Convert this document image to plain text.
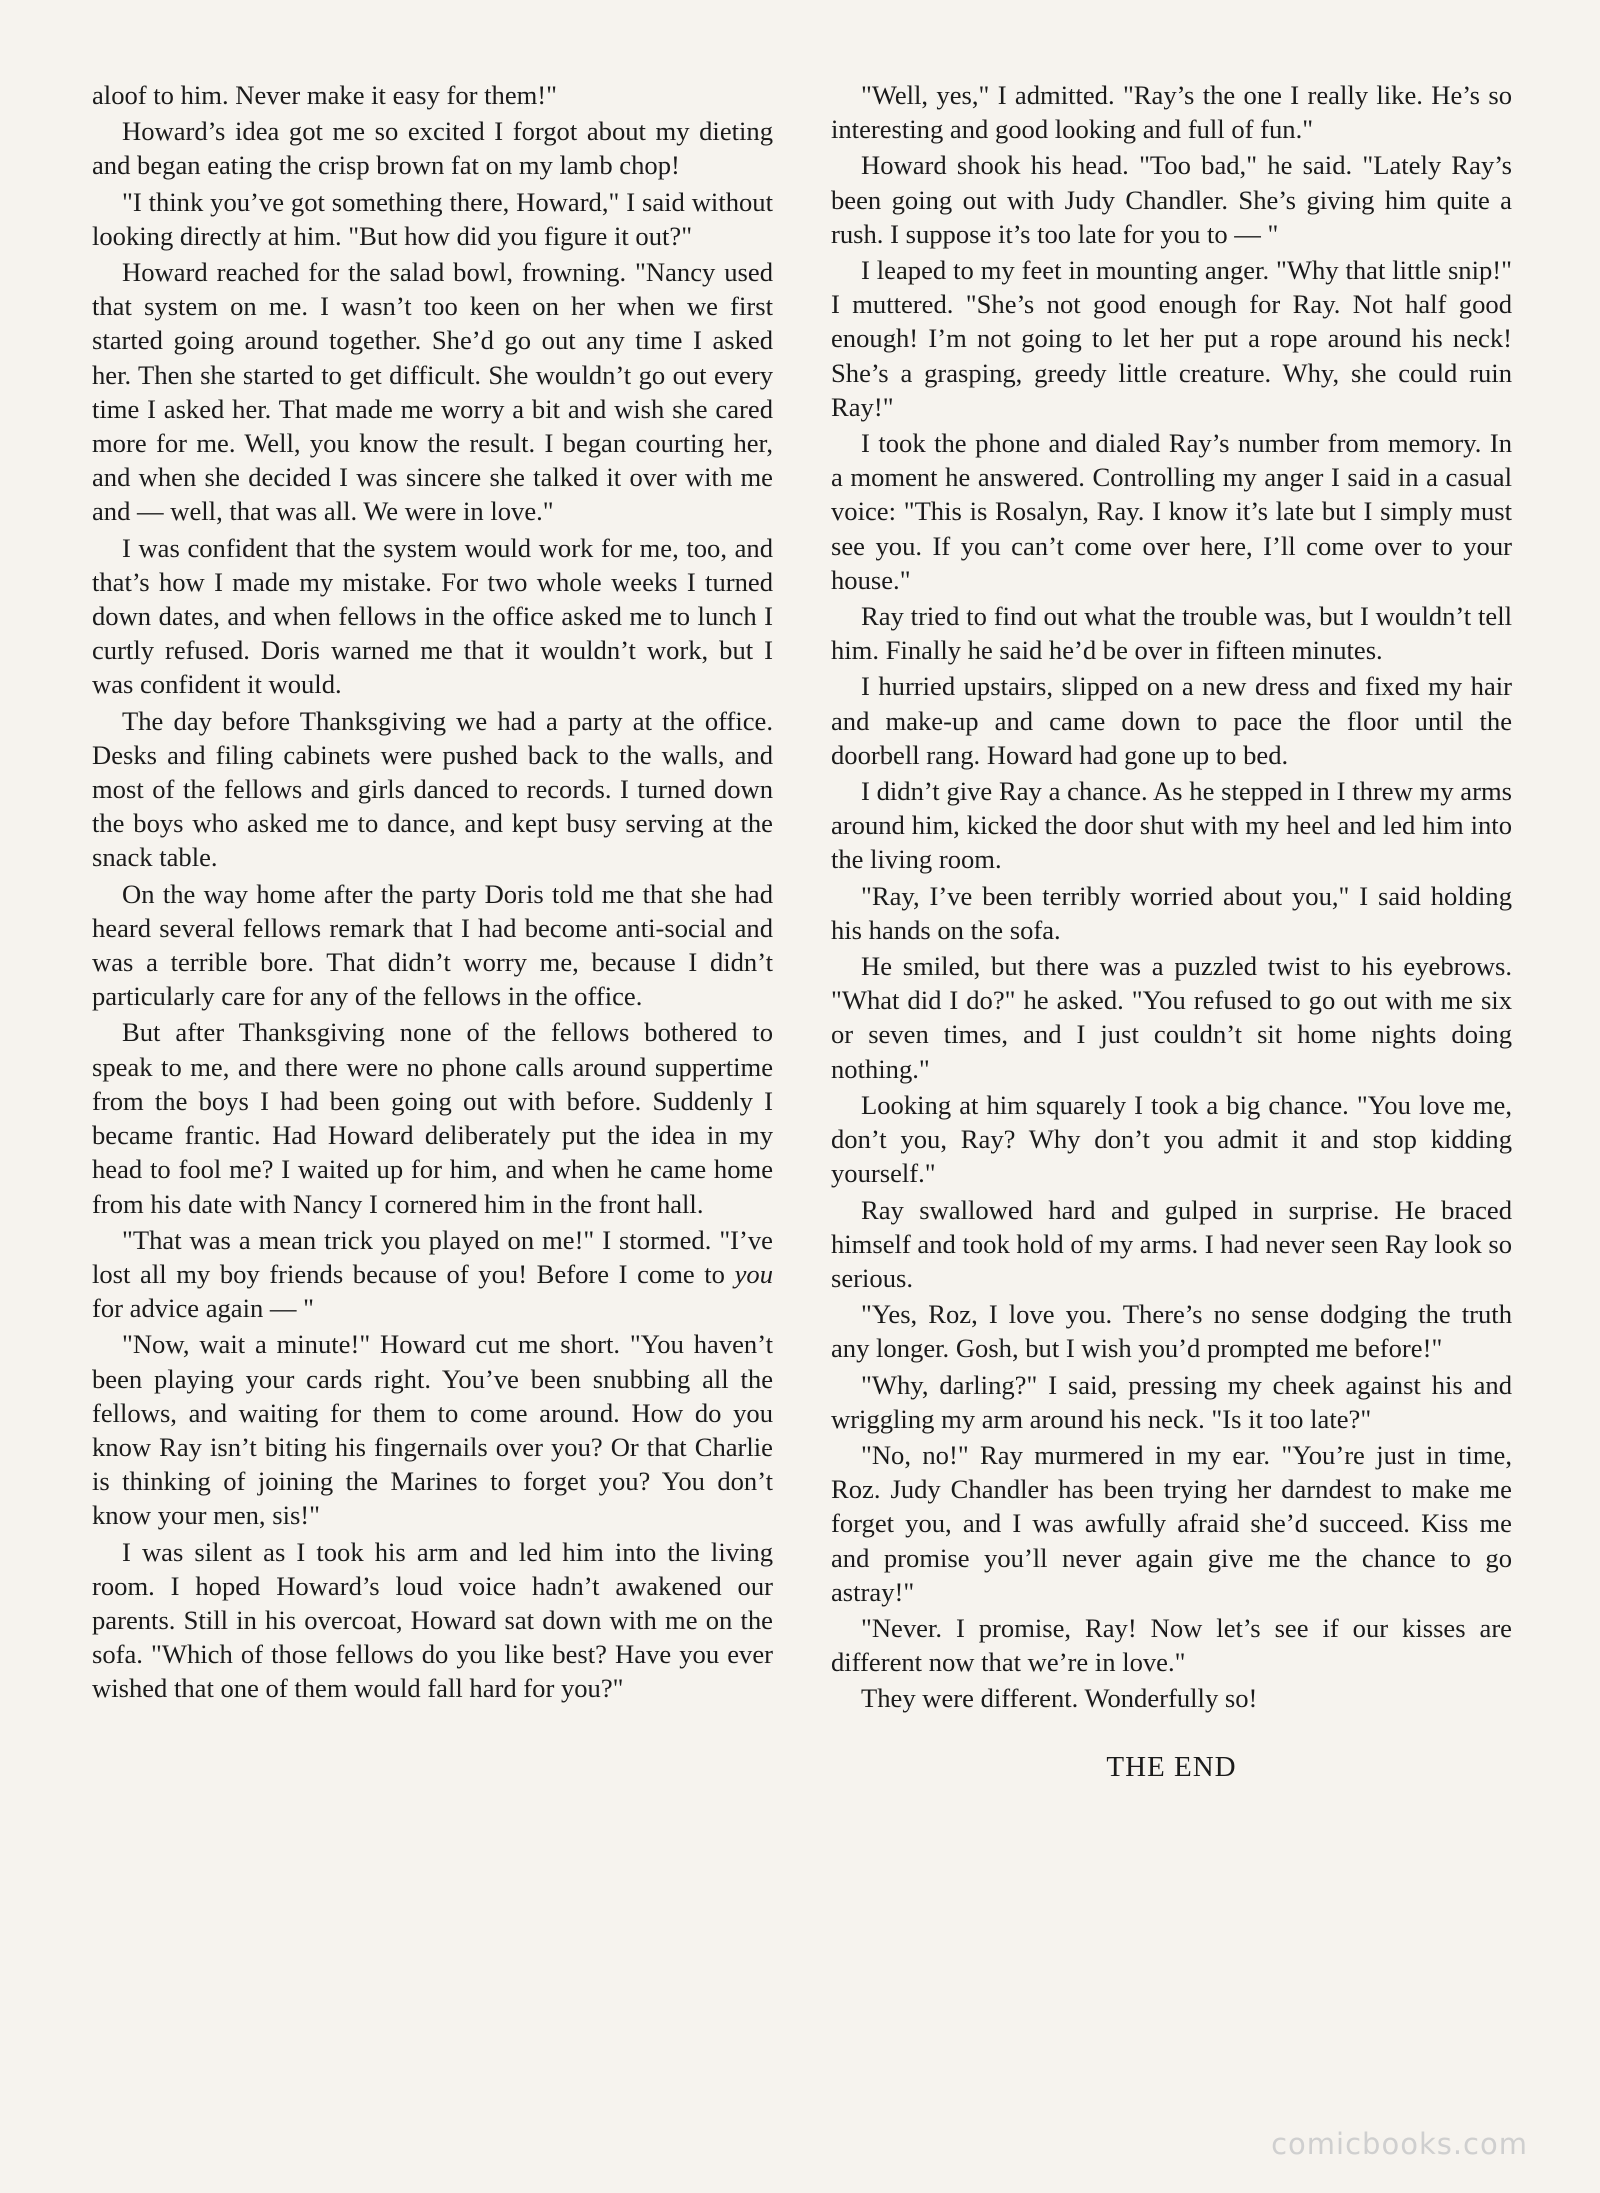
aloof to him. Never make it easy for them!"

Howard’s idea got me so excited I forgot about my dieting and began eating the crisp brown fat on my lamb chop!

"I think you’ve got something there, Howard," I said without looking directly at him. "But how did you figure it out?"

Howard reached for the salad bowl, frowning. "Nancy used that system on me. I wasn’t too keen on her when we first started going around together. She’d go out any time I asked her. Then she started to get difficult. She wouldn’t go out every time I asked her. That made me worry a bit and wish she cared more for me. Well, you know the result. I began courting her, and when she decided I was sincere she talked it over with me and — well, that was all. We were in love."

I was confident that the system would work for me, too, and that’s how I made my mistake. For two whole weeks I turned down dates, and when fellows in the office asked me to lunch I curtly refused. Doris warned me that it wouldn’t work, but I was confident it would.

The day before Thanksgiving we had a party at the office. Desks and filing cabinets were pushed back to the walls, and most of the fellows and girls danced to records. I turned down the boys who asked me to dance, and kept busy serving at the snack table.

On the way home after the party Doris told me that she had heard several fellows remark that I had become anti-social and was a terrible bore. That didn’t worry me, because I didn’t particularly care for any of the fellows in the office.

But after Thanksgiving none of the fellows bothered to speak to me, and there were no phone calls around suppertime from the boys I had been going out with before. Suddenly I became frantic. Had Howard deliberately put the idea in my head to fool me? I waited up for him, and when he came home from his date with Nancy I cornered him in the front hall.

"That was a mean trick you played on me!" I stormed. "I’ve lost all my boy friends because of you! Before I come to you for advice again — "

"Now, wait a minute!" Howard cut me short. "You haven’t been playing your cards right. You’ve been snubbing all the fellows, and waiting for them to come around. How do you know Ray isn’t biting his fingernails over you? Or that Charlie is thinking of joining the Marines to forget you? You don’t know your men, sis!"

I was silent as I took his arm and led him into the living room. I hoped Howard’s loud voice hadn’t awakened our parents. Still in his overcoat, Howard sat down with me on the sofa. "Which of those fellows do you like best? Have you ever wished that one of them would fall hard for you?"

"Well, yes," I admitted. "Ray’s the one I really like. He’s so interesting and good looking and full of fun."

Howard shook his head. "Too bad," he said. "Lately Ray’s been going out with Judy Chandler. She’s giving him quite a rush. I suppose it’s too late for you to — "

I leaped to my feet in mounting anger. "Why that little snip!" I muttered. "She’s not good enough for Ray. Not half good enough! I’m not going to let her put a rope around his neck! She’s a grasping, greedy little creature. Why, she could ruin Ray!"

I took the phone and dialed Ray’s number from memory. In a moment he answered. Controlling my anger I said in a casual voice: "This is Rosalyn, Ray. I know it’s late but I simply must see you. If you can’t come over here, I’ll come over to your house."

Ray tried to find out what the trouble was, but I wouldn’t tell him. Finally he said he’d be over in fifteen minutes.

I hurried upstairs, slipped on a new dress and fixed my hair and make-up and came down to pace the floor until the doorbell rang. Howard had gone up to bed.

I didn’t give Ray a chance. As he stepped in I threw my arms around him, kicked the door shut with my heel and led him into the living room.

"Ray, I’ve been terribly worried about you," I said holding his hands on the sofa.

He smiled, but there was a puzzled twist to his eyebrows. "What did I do?" he asked. "You refused to go out with me six or seven times, and I just couldn’t sit home nights doing nothing."

Looking at him squarely I took a big chance. "You love me, don’t you, Ray? Why don’t you admit it and stop kidding yourself."

Ray swallowed hard and gulped in surprise. He braced himself and took hold of my arms. I had never seen Ray look so serious.

"Yes, Roz, I love you. There’s no sense dodging the truth any longer. Gosh, but I wish you’d prompted me before!"

"Why, darling?" I said, pressing my cheek against his and wriggling my arm around his neck. "Is it too late?"

"No, no!" Ray murmered in my ear. "You’re just in time, Roz. Judy Chandler has been trying her darndest to make me forget you, and I was awfully afraid she’d succeed. Kiss me and promise you’ll never again give me the chance to go astray!"

"Never. I promise, Ray! Now let’s see if our kisses are different now that we’re in love."

They were different. Wonderfully so!

THE END
comicbooks.com
